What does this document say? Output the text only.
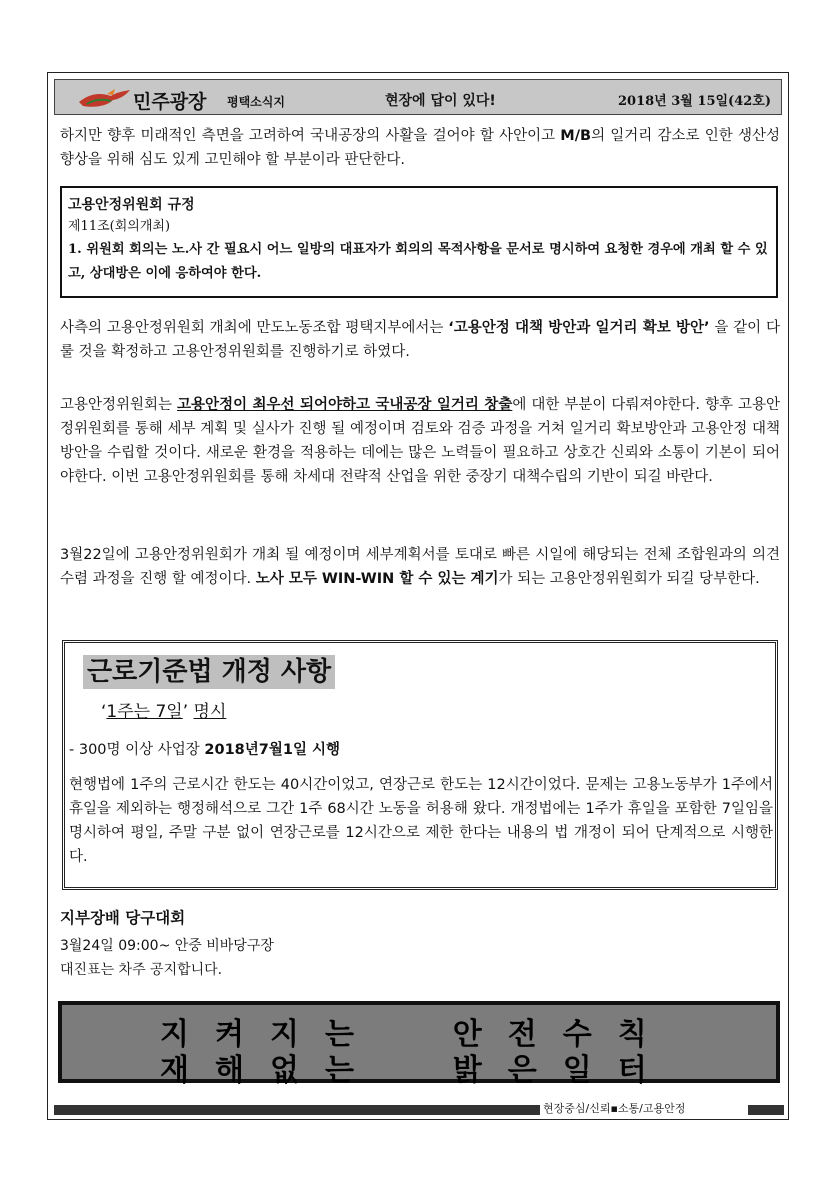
민주광장 평택소식지	현장에 답이 있다!	2018년 3월 15일(42호)
하지만 향후 미래적인 측면을 고려하여 국내공장의 사활을 걸어야 할 사안이고 M/B의 일거리 감소로 인한 생산성 향상을 위해 심도 있게 고민해야 할 부분이라 판단한다.
고용안정위원회 규정
제11조(회의개최)
1. 위원회 회의는 노.사 간 필요시 어느 일방의 대표자가 회의의 목적사항을 문서로 명시하여 요청한 경우에 개최 할 수 있고, 상대방은 이에 응하여야 한다.
사측의 고용안정위원회 개최에 만도노동조합 평택지부에서는 ‘고용안정 대책 방안과 일거리 확보 방안’ 을 같이 다룰 것을 확정하고 고용안정위원회를 진행하기로 하였다.
고용안정위원회는 고용안정이 최우선 되어야하고 국내공장 일거리 창출에 대한 부분이 다뤄져야한다. 향후 고용안정위원회를 통해 세부 계획 및 실사가 진행 될 예정이며 검토와 검증 과정을 거쳐 일거리 확보방안과 고용안정 대책방안을 수립할 것이다. 새로운 환경을 적용하는 데에는 많은 노력들이 필요하고 상호간 신뢰와 소통이 기본이 되어야한다. 이번 고용안정위원회를 통해 차세대 전략적 산업을 위한 중장기 대책수립의 기반이 되길 바란다.
3월22일에 고용안정위원회가 개최 될 예정이며 세부계획서를 토대로 빠른 시일에 해당되는 전체 조합원과의 의견수렴 과정을 진행 할 예정이다. 노사 모두 WIN-WIN 할 수 있는 계기가 되는 고용안정위원회가 되길 당부한다.
근로기준법 개정 사항
‘1주는 7일’ 명시
- 300명 이상 사업장 2018년7월1일 시행
현행법에 1주의 근로시간 한도는 40시간이었고, 연장근로 한도는 12시간이었다. 문제는 고용노동부가 1주에서 휴일을 제외하는 행정해석으로 그간 1주 68시간 노동을 허용해 왔다. 개정법에는 1주가 휴일을 포함한 7일임을 명시하여 평일, 주말 구분 없이 연장근로를 12시간으로 제한 한다는 내용의 법 개정이 되어 단계적으로 시행한다.
지부장배 당구대회
3월24일 09:00~ 안중 비바당구장
대진표는 차주 공지합니다.
지켜지는  안전수칙
재해없는  밝은일터
현장중심/신뢰▪소통/고용안정
